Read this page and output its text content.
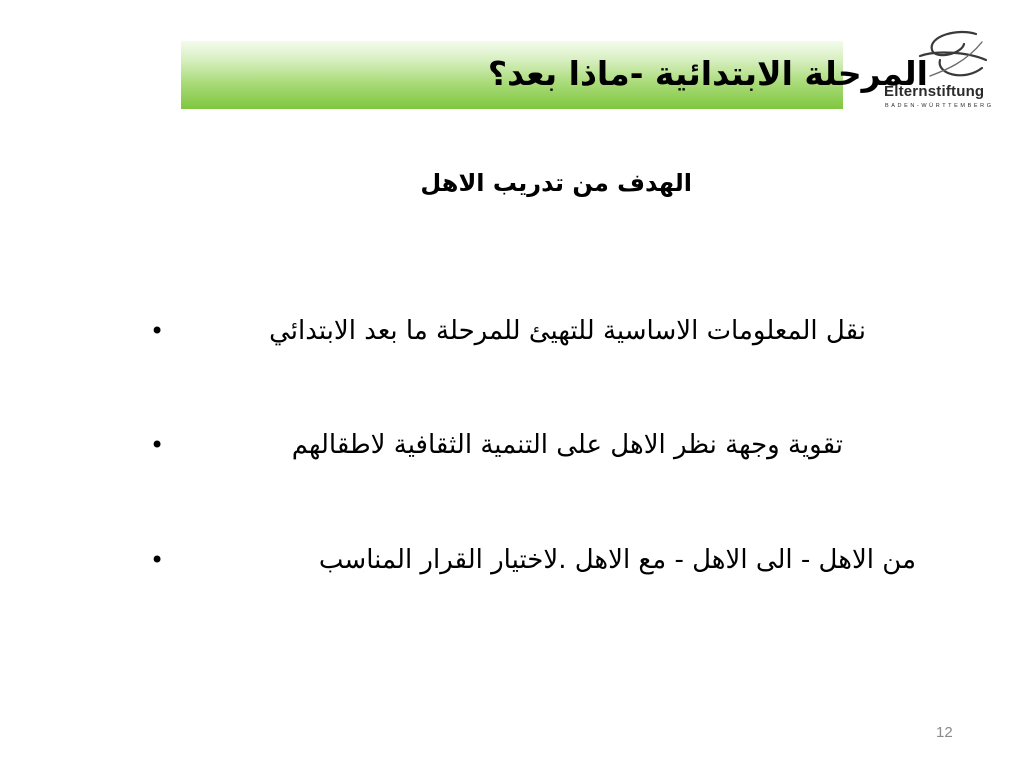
المرحلة الابتدائية -ماذا بعد؟
Elternstiftung
BADEN-WÜRTTEMBERG
الهدف من تدريب الاهل
•	نقل المعلومات الاساسية للتهيئ للمرحلة ما بعد الابتدائي
•	تقوية وجهة نظر الاهل على التنمية الثقافية لاطقالهم
•	من الاهل - الى الاهل - مع الاهل .لاختيار القرار المناسب
12
